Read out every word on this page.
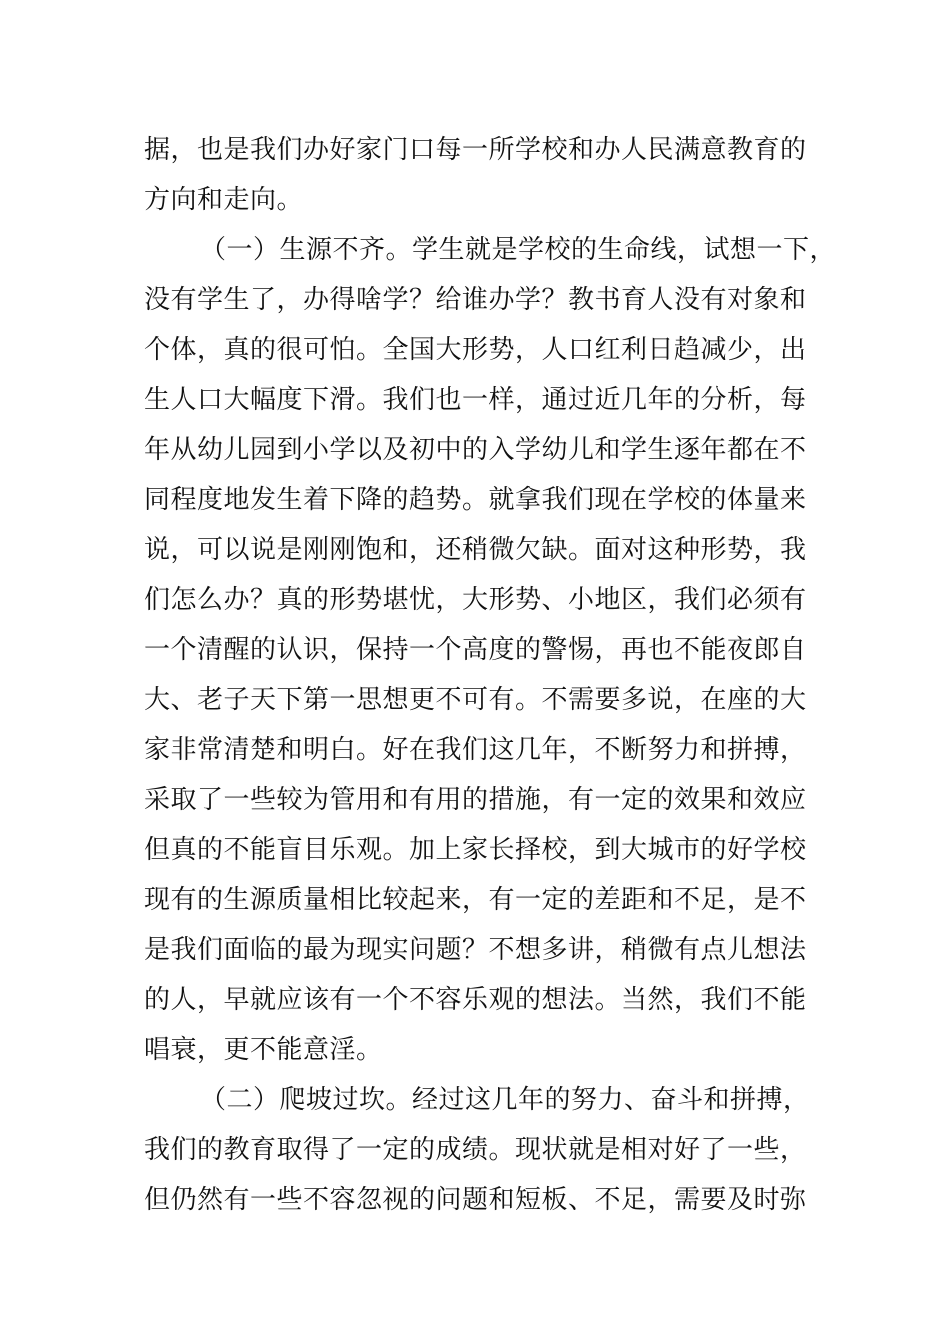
据，也是我们办好家门口每一所学校和办人民满意教育的
方向和走向。
（一）生源不齐。学生就是学校的生命线，试想一下，
没有学生了，办得啥学？给谁办学？教书育人没有对象和
个体，真的很可怕。全国大形势，人口红利日趋减少，出
生人口大幅度下滑。我们也一样，通过近几年的分析，每
年从幼儿园到小学以及初中的入学幼儿和学生逐年都在不
同程度地发生着下降的趋势。就拿我们现在学校的体量来
说，可以说是刚刚饱和，还稍微欠缺。面对这种形势，我
们怎么办？真的形势堪忧，大形势、小地区，我们必须有
一个清醒的认识，保持一个高度的警惕，再也不能夜郎自
大、老子天下第一思想更不可有。不需要多说，在座的大
家非常清楚和明白。好在我们这几年，不断努力和拼搏，
采取了一些较为管用和有用的措施，有一定的效果和效应
但真的不能盲目乐观。加上家长择校，到大城市的好学校
现有的生源质量相比较起来，有一定的差距和不足，是不
是我们面临的最为现实问题？不想多讲，稍微有点儿想法
的人，早就应该有一个不容乐观的想法。当然，我们不能
唱衰，更不能意淫。
（二）爬坡过坎。经过这几年的努力、奋斗和拼搏，
我们的教育取得了一定的成绩。现状就是相对好了一些，
但仍然有一些不容忽视的问题和短板、不足，需要及时弥
